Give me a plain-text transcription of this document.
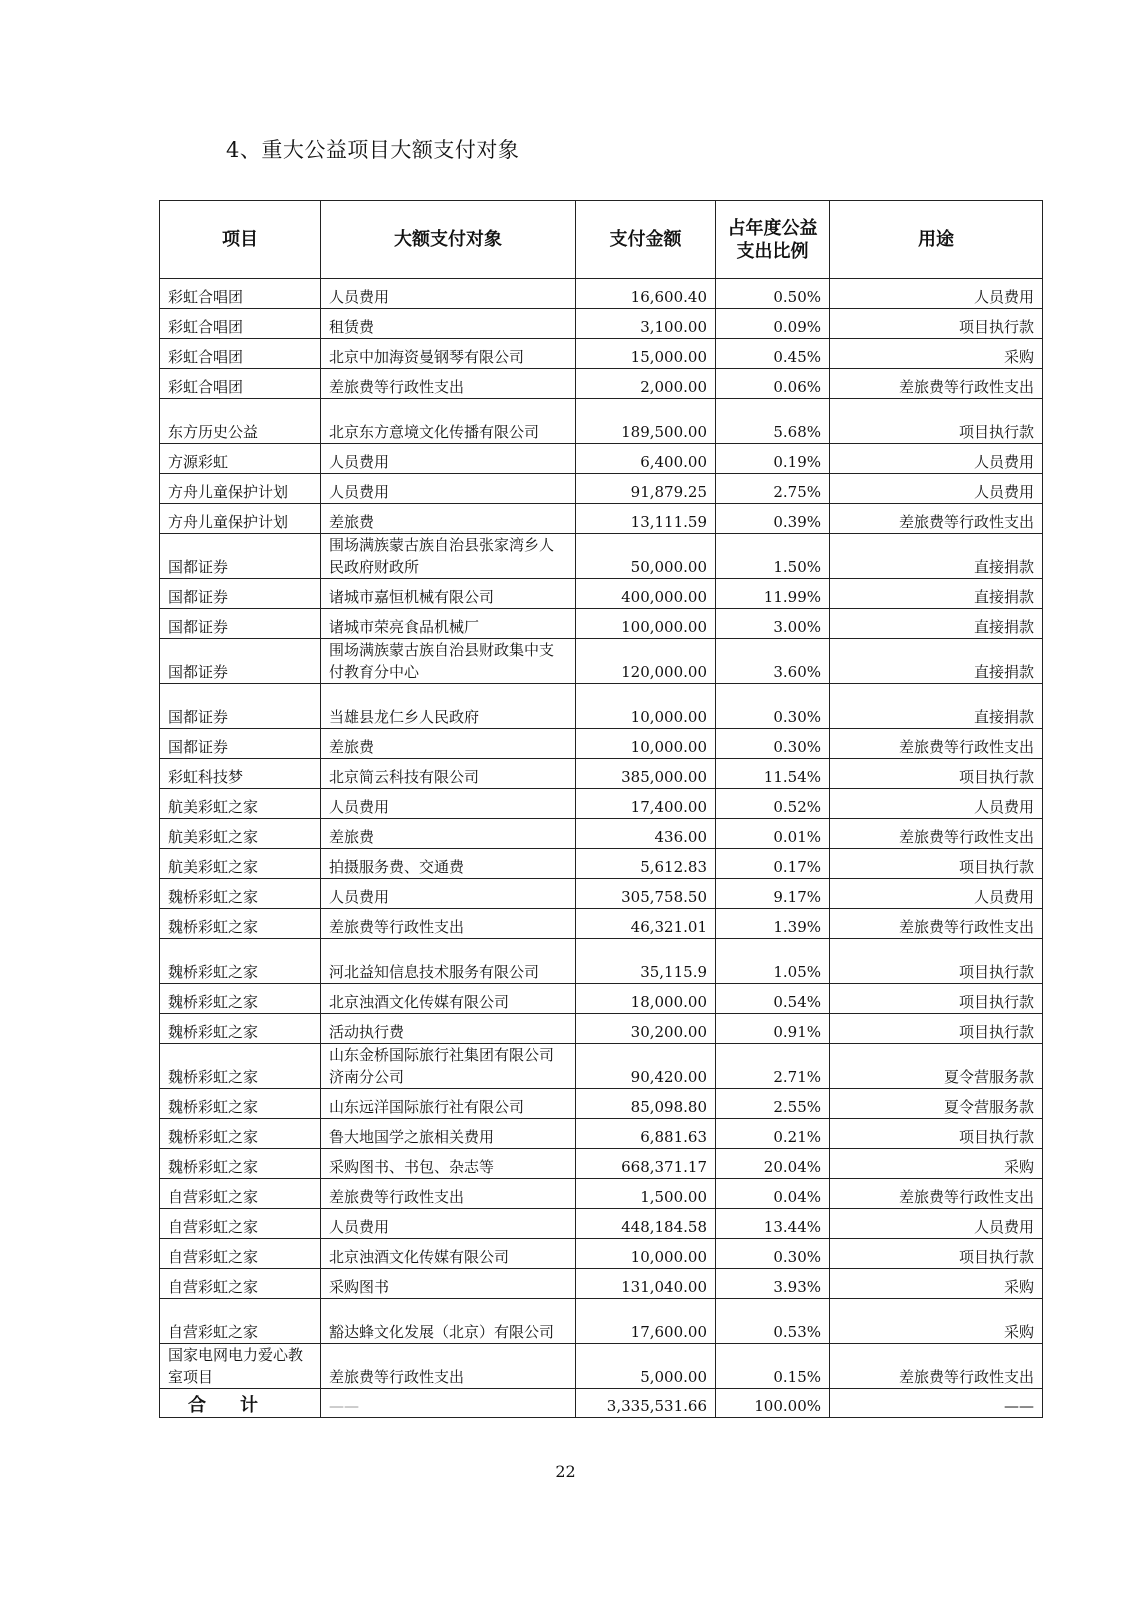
4、重大公益项目大额支付对象
项目	大额支付对象	支付金额	占年度公益支出比例	用途
彩虹合唱团	人员费用	16,600.40	0.50%	人员费用
彩虹合唱团	租赁费	3,100.00	0.09%	项目执行款
彩虹合唱团	北京中加海资曼钢琴有限公司	15,000.00	0.45%	采购
彩虹合唱团	差旅费等行政性支出	2,000.00	0.06%	差旅费等行政性支出
东方历史公益	北京东方意境文化传播有限公司	189,500.00	5.68%	项目执行款
方源彩虹	人员费用	6,400.00	0.19%	人员费用
方舟儿童保护计划	人员费用	91,879.25	2.75%	人员费用
方舟儿童保护计划	差旅费	13,111.59	0.39%	差旅费等行政性支出
国都证券	围场满族蒙古族自治县张家湾乡人民政府财政所	50,000.00	1.50%	直接捐款
国都证券	诸城市嘉恒机械有限公司	400,000.00	11.99%	直接捐款
国都证券	诸城市荣亮食品机械厂	100,000.00	3.00%	直接捐款
国都证券	围场满族蒙古族自治县财政集中支付教育分中心	120,000.00	3.60%	直接捐款
国都证券	当雄县龙仁乡人民政府	10,000.00	0.30%	直接捐款
国都证券	差旅费	10,000.00	0.30%	差旅费等行政性支出
彩虹科技梦	北京简云科技有限公司	385,000.00	11.54%	项目执行款
航美彩虹之家	人员费用	17,400.00	0.52%	人员费用
航美彩虹之家	差旅费	436.00	0.01%	差旅费等行政性支出
航美彩虹之家	拍摄服务费、交通费	5,612.83	0.17%	项目执行款
魏桥彩虹之家	人员费用	305,758.50	9.17%	人员费用
魏桥彩虹之家	差旅费等行政性支出	46,321.01	1.39%	差旅费等行政性支出
魏桥彩虹之家	河北益知信息技术服务有限公司	35,115.9	1.05%	项目执行款
魏桥彩虹之家	北京浊酒文化传媒有限公司	18,000.00	0.54%	项目执行款
魏桥彩虹之家	活动执行费	30,200.00	0.91%	项目执行款
魏桥彩虹之家	山东金桥国际旅行社集团有限公司济南分公司	90,420.00	2.71%	夏令营服务款
魏桥彩虹之家	山东远洋国际旅行社有限公司	85,098.80	2.55%	夏令营服务款
魏桥彩虹之家	鲁大地国学之旅相关费用	6,881.63	0.21%	项目执行款
魏桥彩虹之家	采购图书、书包、杂志等	668,371.17	20.04%	采购
自营彩虹之家	差旅费等行政性支出	1,500.00	0.04%	差旅费等行政性支出
自营彩虹之家	人员费用	448,184.58	13.44%	人员费用
自营彩虹之家	北京浊酒文化传媒有限公司	10,000.00	0.30%	项目执行款
自营彩虹之家	采购图书	131,040.00	3.93%	采购
自营彩虹之家	豁达蜂文化发展（北京）有限公司	17,600.00	0.53%	采购
国家电网电力爱心教室项目	差旅费等行政性支出	5,000.00	0.15%	差旅费等行政性支出
合计	——	3,335,531.66	100.00%	——
22
